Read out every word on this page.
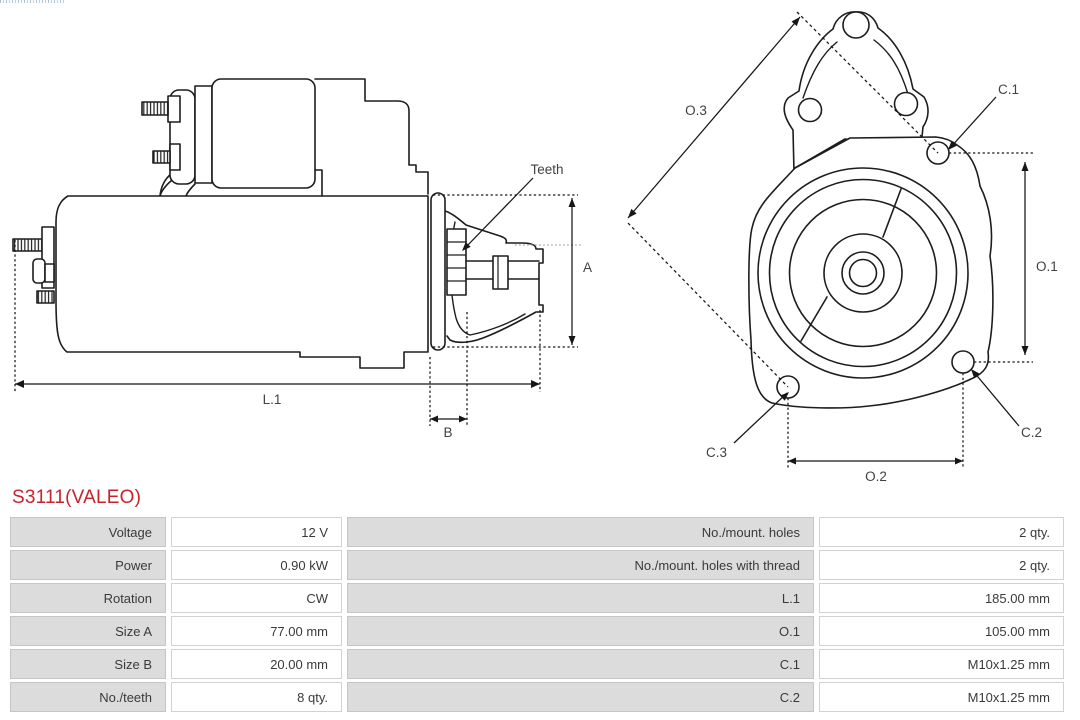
Teeth
A
L.1
B
O.3
C.1
O.1
C.2
C.3
O.2
S3111(VALEO)
Voltage	12 V	No./mount. holes	2 qty.
Power	0.90 kW	No./mount. holes with thread	2 qty.
Rotation	CW	L.1	185.00 mm
Size A	77.00 mm	O.1	105.00 mm
Size B	20.00 mm	C.1	M10x1.25 mm
No./teeth	8 qty.	C.2	M10x1.25 mm
